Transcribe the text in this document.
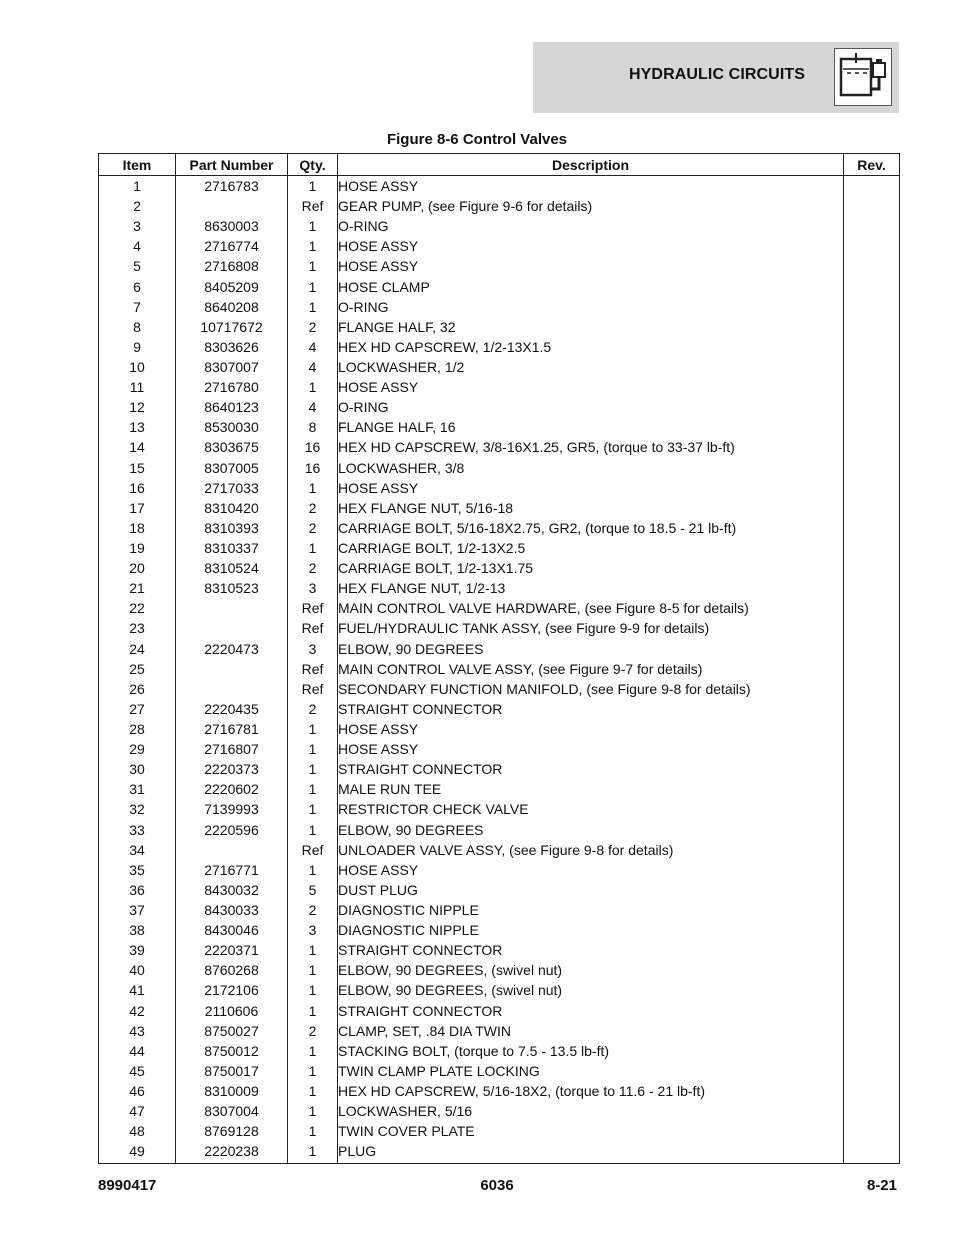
HYDRAULIC CIRCUITS
Figure 8-6 Control Valves
Item	Part Number	Qty.	Description	Rev.
1	2716783	1	HOSE ASSY	
2		Ref	GEAR PUMP, (see Figure 9-6 for details)	
3	8630003	1	O-RING	
4	2716774	1	HOSE ASSY	
5	2716808	1	HOSE ASSY	
6	8405209	1	HOSE CLAMP	
7	8640208	1	O-RING	
8	10717672	2	FLANGE HALF, 32	
9	8303626	4	HEX HD CAPSCREW, 1/2-13X1.5	
10	8307007	4	LOCKWASHER, 1/2	
11	2716780	1	HOSE ASSY	
12	8640123	4	O-RING	
13	8530030	8	FLANGE HALF, 16	
14	8303675	16	HEX HD CAPSCREW, 3/8-16X1.25, GR5, (torque to 33-37 lb-ft)	
15	8307005	16	LOCKWASHER, 3/8	
16	2717033	1	HOSE ASSY	
17	8310420	2	HEX FLANGE NUT, 5/16-18	
18	8310393	2	CARRIAGE BOLT, 5/16-18X2.75, GR2, (torque to 18.5 - 21 lb-ft)	
19	8310337	1	CARRIAGE BOLT, 1/2-13X2.5	
20	8310524	2	CARRIAGE BOLT, 1/2-13X1.75	
21	8310523	3	HEX FLANGE NUT, 1/2-13	
22		Ref	MAIN CONTROL VALVE HARDWARE, (see Figure 8-5 for details)	
23		Ref	FUEL/HYDRAULIC TANK ASSY, (see Figure 9-9 for details)	
24	2220473	3	ELBOW, 90 DEGREES	
25		Ref	MAIN CONTROL VALVE ASSY, (see Figure 9-7 for details)	
26		Ref	SECONDARY FUNCTION MANIFOLD, (see Figure 9-8 for details)	
27	2220435	2	STRAIGHT CONNECTOR	
28	2716781	1	HOSE ASSY	
29	2716807	1	HOSE ASSY	
30	2220373	1	STRAIGHT CONNECTOR	
31	2220602	1	MALE RUN TEE	
32	7139993	1	RESTRICTOR CHECK VALVE	
33	2220596	1	ELBOW, 90 DEGREES	
34		Ref	UNLOADER VALVE ASSY, (see Figure 9-8 for details)	
35	2716771	1	HOSE ASSY	
36	8430032	5	DUST PLUG	
37	8430033	2	DIAGNOSTIC NIPPLE	
38	8430046	3	DIAGNOSTIC NIPPLE	
39	2220371	1	STRAIGHT CONNECTOR	
40	8760268	1	ELBOW, 90 DEGREES, (swivel nut)	
41	2172106	1	ELBOW, 90 DEGREES, (swivel nut)	
42	2110606	1	STRAIGHT CONNECTOR	
43	8750027	2	CLAMP, SET, .84 DIA TWIN	
44	8750012	1	STACKING BOLT, (torque to 7.5 - 13.5 lb-ft)	
45	8750017	1	TWIN CLAMP PLATE LOCKING	
46	8310009	1	HEX HD CAPSCREW, 5/16-18X2, (torque to 11.6 - 21 lb-ft)	
47	8307004	1	LOCKWASHER, 5/16	
48	8769128	1	TWIN COVER PLATE	
49	2220238	1	PLUG	
8990417	6036	8-21
